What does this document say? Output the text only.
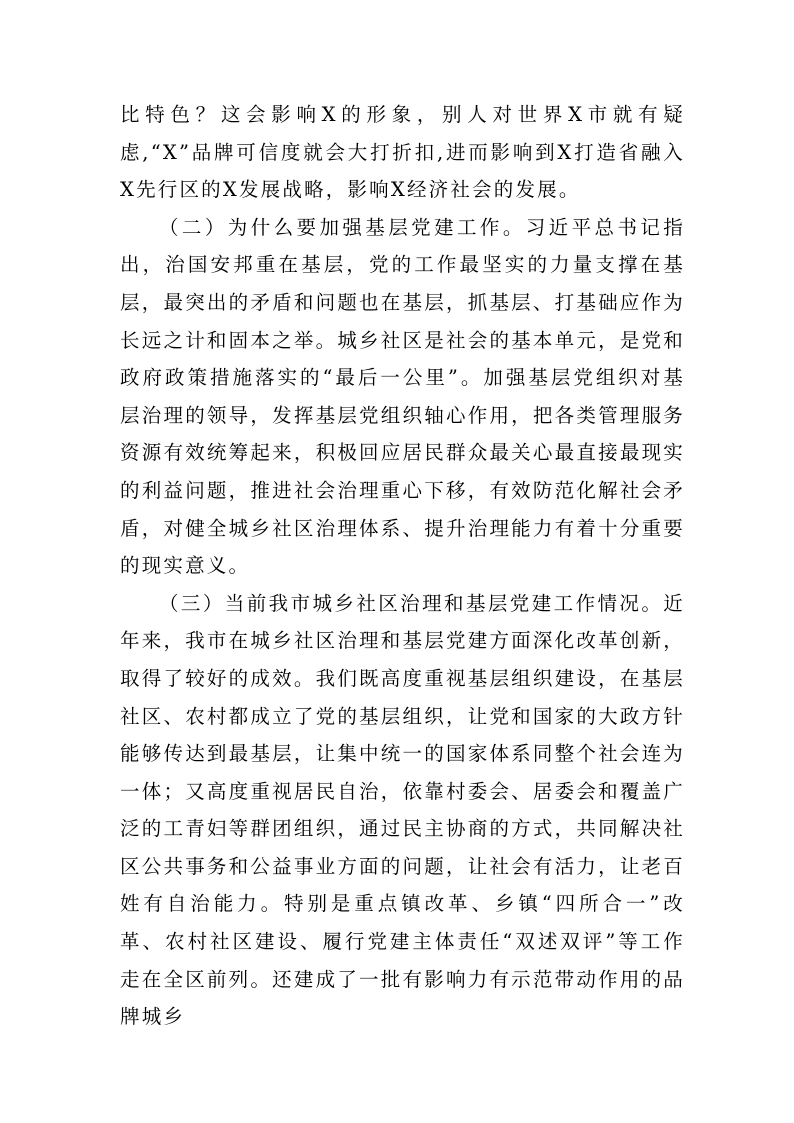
比特色？这会影响X的形象，别人对世界X市就有疑虑,“X”品牌可信度就会大打折扣,进而影响到X打造省融入X先行区的X发展战略，影响X经济社会的发展。

（二）为什么要加强基层党建工作。习近平总书记指出，治国安邦重在基层，党的工作最坚实的力量支撑在基层，最突出的矛盾和问题也在基层，抓基层、打基础应作为长远之计和固本之举。城乡社区是社会的基本单元，是党和政府政策措施落实的“最后一公里”。加强基层党组织对基层治理的领导，发挥基层党组织轴心作用，把各类管理服务资源有效统筹起来，积极回应居民群众最关心最直接最现实的利益问题，推进社会治理重心下移，有效防范化解社会矛盾，对健全城乡社区治理体系、提升治理能力有着十分重要的现实意义。

（三）当前我市城乡社区治理和基层党建工作情况。近年来，我市在城乡社区治理和基层党建方面深化改革创新，取得了较好的成效。我们既高度重视基层组织建设，在基层社区、农村都成立了党的基层组织，让党和国家的大政方针能够传达到最基层，让集中统一的国家体系同整个社会连为一体；又高度重视居民自治，依靠村委会、居委会和覆盖广泛的工青妇等群团组织，通过民主协商的方式，共同解决社区公共事务和公益事业方面的问题，让社会有活力，让老百姓有自治能力。特别是重点镇改革、乡镇“四所合一”改革、农村社区建设、履行党建主体责任“双述双评”等工作走在全区前列。还建成了一批有影响力有示范带动作用的品牌城乡
